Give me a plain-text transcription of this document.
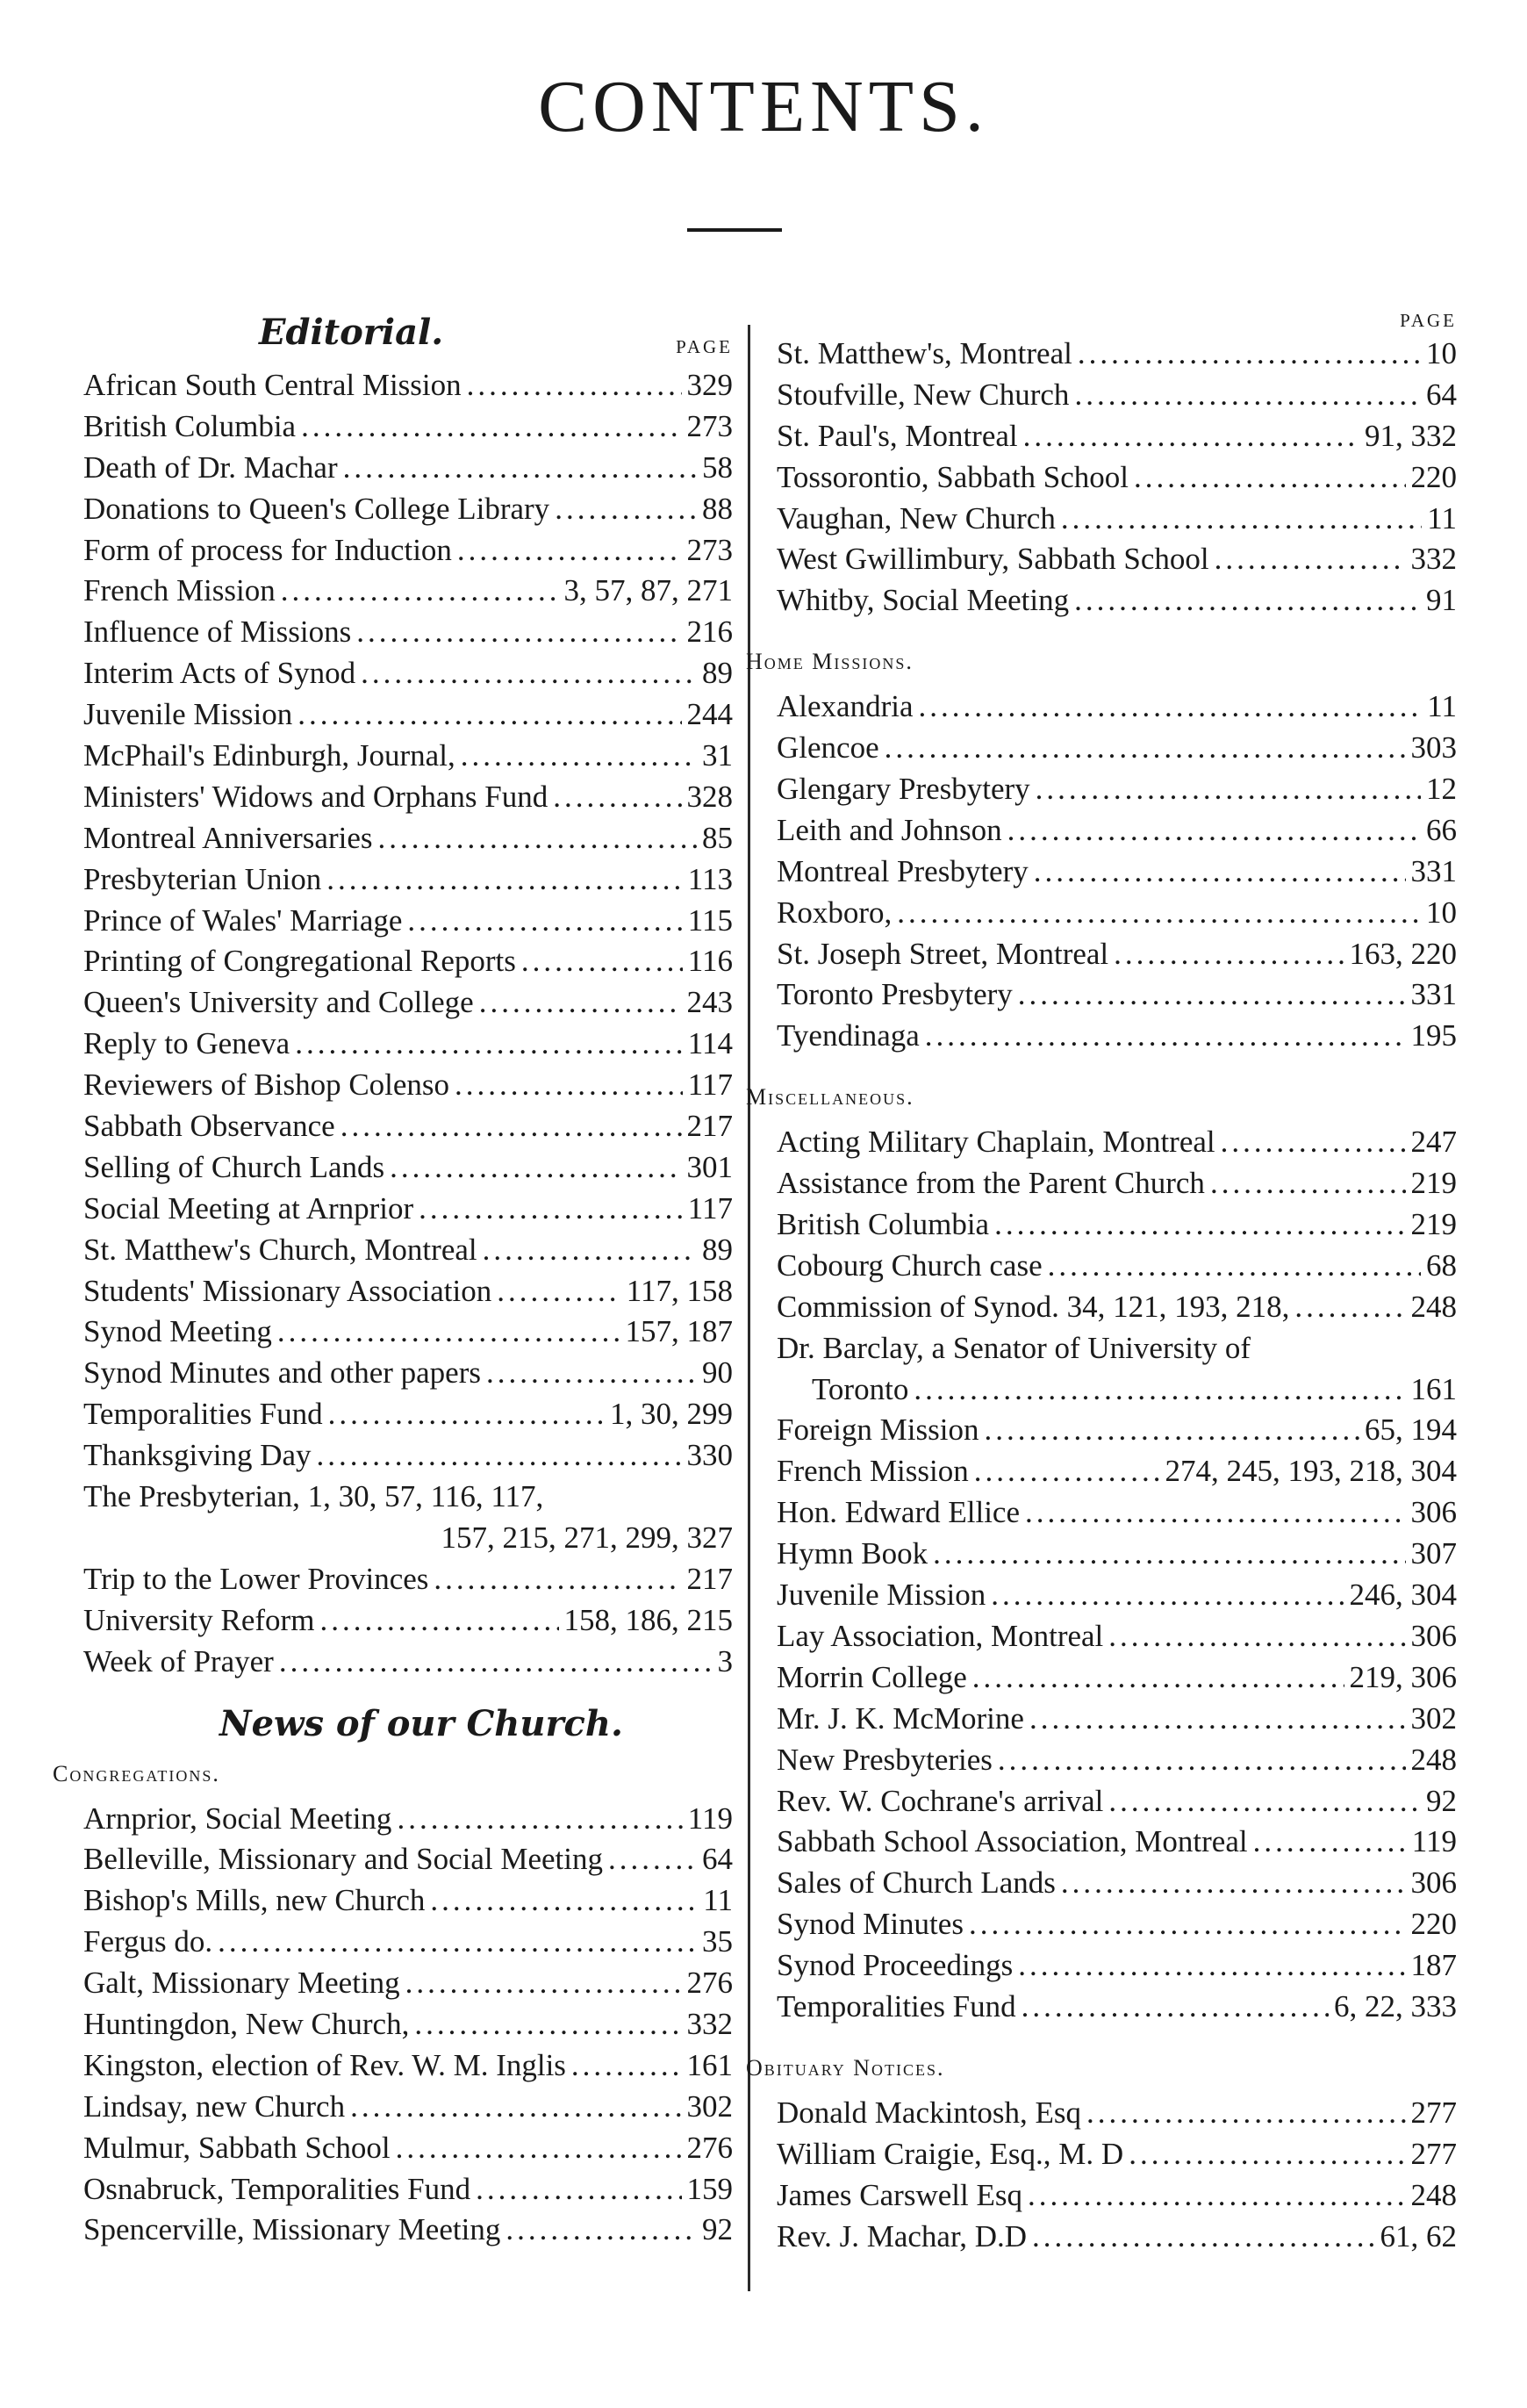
CONTENTS.
Editorial.	PAGE
African South Central Mission .....	329
British Columbia .....	273
Death of Dr. Machar .....	58
Donations to Queen's College Library .....	88
Form of process for Induction .....	273
French Mission .....	3, 57, 87, 271
Influence of Missions .....	216
Interim Acts of Synod .....	89
Juvenile Mission .....	244
McPhail's Edinburgh, Journal, .....	31
Ministers' Widows and Orphans Fund .....	328
Montreal Anniversaries .....	85
Presbyterian Union .....	113
Prince of Wales' Marriage .....	115
Printing of Congregational Reports .....	116
Queen's University and College .....	243
Reply to Geneva .....	114
Reviewers of Bishop Colenso .....	117
Sabbath Observance .....	217
Selling of Church Lands .....	301
Social Meeting at Arnprior .....	117
St. Matthew's Church, Montreal .....	89
Students' Missionary Association .....	117, 158
Synod Meeting .....	157, 187
Synod Minutes and other papers .....	90
Temporalities Fund .....	1, 30, 299
Thanksgiving Day .....	330
The Presbyterian, 1, 30, 57, 116, 117,
157, 215, 271, 299, 327
Trip to the Lower Provinces .....	217
University Reform .....	158, 186, 215
Week of Prayer .....	3
News of our Church.
Congregations.
Arnprior, Social Meeting .....	119
Belleville, Missionary and Social Meeting .....	64
Bishop's Mills, new Church .....	11
Fergus do. .....	35
Galt, Missionary Meeting .....	276
Huntingdon, New Church, .....	332
Kingston, election of Rev. W. M. Inglis .....	161
Lindsay, new Church .....	302
Mulmur, Sabbath School .....	276
Osnabruck, Temporalities Fund .....	159
Spencerville, Missionary Meeting .....	92
PAGE
St. Matthew's, Montreal .....	10
Stoufville, New Church .....	64
St. Paul's, Montreal .....	91, 332
Tossorontio, Sabbath School .....	220
Vaughan, New Church .....	11
West Gwillimbury, Sabbath School .....	332
Whitby, Social Meeting .....	91
Home Missions.
Alexandria .....	11
Glencoe .....	303
Glengary Presbytery .....	12
Leith and Johnson .....	66
Montreal Presbytery .....	331
Roxboro, .....	10
St. Joseph Street, Montreal .....	163, 220
Toronto Presbytery .....	331
Tyendinaga .....	195
Miscellaneous.
Acting Military Chaplain, Montreal .....	247
Assistance from the Parent Church .....	219
British Columbia .....	219
Cobourg Church case .....	68
Commission of Synod. 34, 121, 193, 218, .....	248
Dr. Barclay, a Senator of University of
Toronto .....	161
Foreign Mission .....	65, 194
French Mission .....	274, 245, 193, 218, 304
Hon. Edward Ellice .....	306
Hymn Book .....	307
Juvenile Mission .....	246, 304
Lay Association, Montreal .....	306
Morrin College .....	219, 306
Mr. J. K. McMorine .....	302
New Presbyteries .....	248
Rev. W. Cochrane's arrival .....	92
Sabbath School Association, Montreal .....	119
Sales of Church Lands .....	306
Synod Minutes .....	220
Synod Proceedings .....	187
Temporalities Fund .....	6, 22, 333
Obituary Notices.
Donald Mackintosh, Esq .....	277
William Craigie, Esq., M. D .....	277
James Carswell Esq .....	248
Rev. J. Machar, D.D .....	61, 62
